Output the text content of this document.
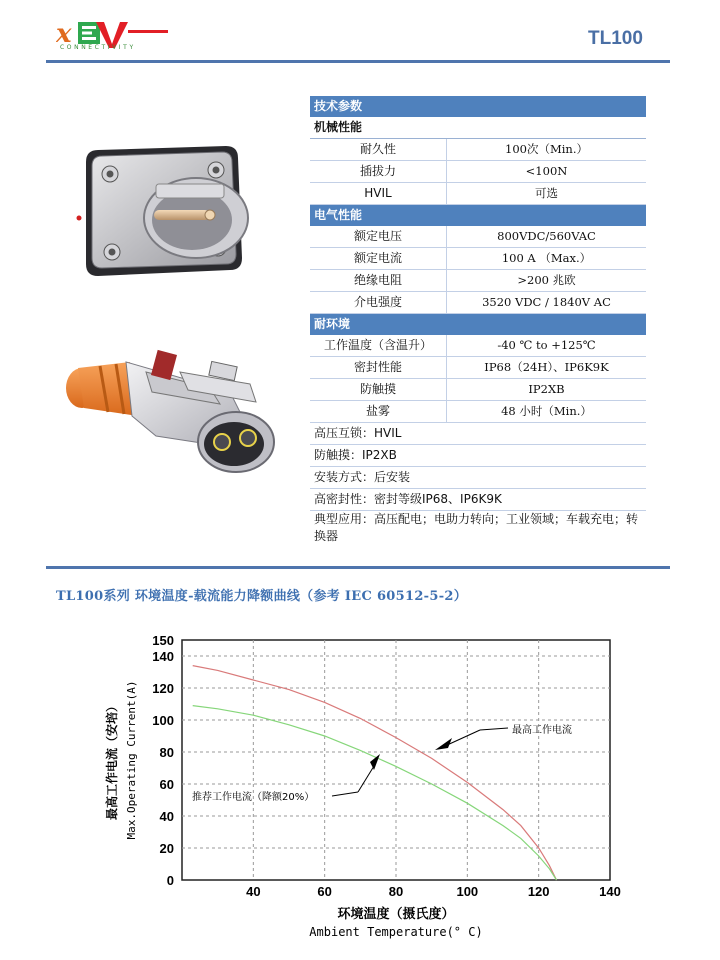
x
CONNECTIVITY	TL100
技术参数
机械性能
耐久性	100次（Min.）
插拔力	<100N
HVIL	可选
电气性能
额定电压	800VDC/560VAC
额定电流	100 A （Max.）
绝缘电阻	>200 兆欧
介电强度	3520 VDC / 1840V AC
耐环境
工作温度（含温升）	-40 ℃ to +125℃
密封性能	IP68（24H）、IP6K9K
防触摸	IP2XB
盐雾	48 小时（Min.）
高压互锁：HVIL
防触摸：IP2XB
安装方式：后安装
高密封性：密封等级IP68、IP6K9K
典型应用：高压配电；电助力转向；工业领域；车载充电；转换器
TL100系列 环境温度-载流能力降额曲线（参考 IEC 60512-5-2）
0
20
40
60
80
100
120
140
150
40	60	80	100	120	140
最高工作电流
推荐工作电流（降额20%）
环境温度（摄氏度）
Ambient Temperature(° C)
最高工作电流（安培） Max.Operating Current(A)
